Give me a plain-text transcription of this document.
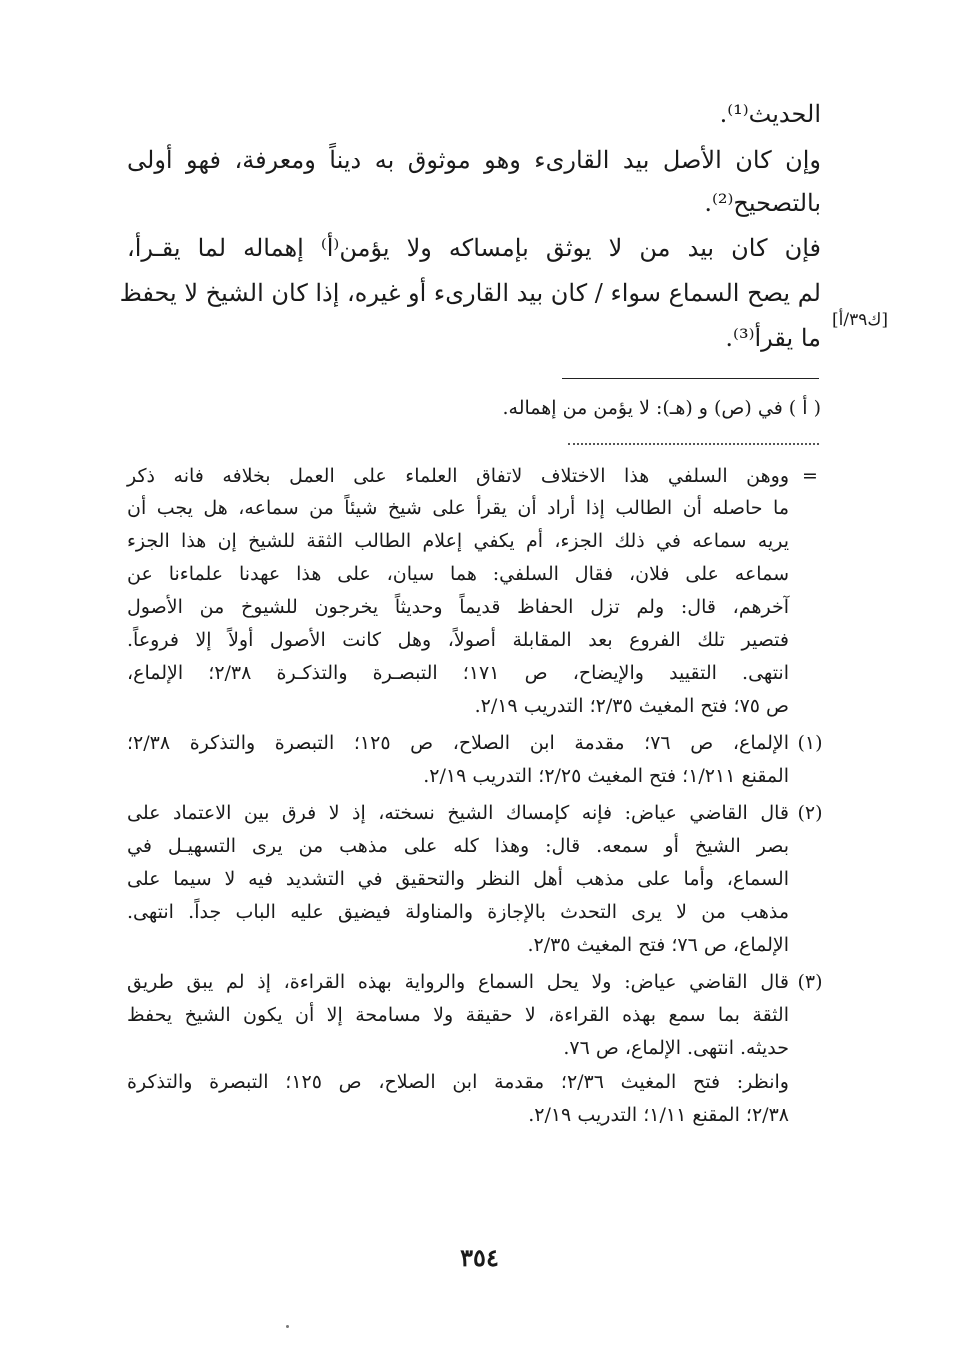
الحديث⁽¹⁾.
وإن كان الأصل بيد القارىء وهو موثوق به ديناً ومعرفة، فهو أولى
بالتصحيح⁽²⁾.
فإن كان بيد من لا يوثق بإمساكه ولا يؤمن⁽أ⁾ إهماله لما يقـرأ،
لم يصح السماع سواء / كان بيد القارىء أو غيره، إذا كان الشيخ لا يحفظ
ما يقرأ⁽³⁾.
[ك٣٩/أ]
( أ ) في (ص) و (هـ): لا يؤمن من إهماله.
=
ووهن السلفي هذا الاختلاف لاتفاق العلماء على العمل بخلافه فانه ذكر
ما حاصله أن الطالب إذا أراد أن يقرأ على شيخ شيئاً من سماعه، هل يجب أن
يريه سماعه في ذلك الجزء، أم يكفي إعلام الطالب الثقة للشيخ إن هذا الجزء
سماعه على فلان، فقال السلفي: هما سيان، على هذا عهدنا علماءنا عن
آخرهم، قال: ولم تزل الحفاظ قديماً وحديثاً يخرجون للشيوخ من الأصول
فتصير تلك الفروع بعد المقابلة أصولاً، وهل كانت الأصول أولاً إلا فروعاً.
انتهى. التقييد والإيضاح، ص ١٧١؛ التبصـرة والتذكـرة ٢/٣٨؛ الإلماع،
ص ٧٥؛ فتح المغيث ٢/٣٥؛ التدريب ٢/١٩.
(١)
الإلماع، ص ٧٦؛ مقدمة ابن الصلاح، ص ١٢٥؛ التبصرة والتذكرة ٢/٣٨؛
المقنع ١/٢١١؛ فتح المغيث ٢/٢٥؛ التدريب ٢/١٩.
(٢)
قال القاضي عياض: فإنه كإمساك الشيخ نسخته، إذ لا فرق بين الاعتماد على
بصر الشيخ أو سمعه. قال: وهذا كله على مذهب من يرى التسهيـل في
السماع، وأما على مذهب أهل النظر والتحقيق في التشديد فيه لا سيما على
مذهب من لا يرى التحدث بالإجازة والمناولة فيضيق عليه الباب جداً. انتهى.
الإلماع، ص ٧٦؛ فتح المغيث ٢/٣٥.
(٣)
قال القاضي عياض: ولا يحل السماع والرواية بهذه القراءة، إذ لم يبق طريق
الثقة بما سمع بهذه القراءة، لا حقيقة ولا مسامحة إلا أن يكون الشيخ يحفظ
حديثه. انتهى. الإلماع، ص ٧٦.
وانظر: فتح المغيث ٢/٣٦؛ مقدمة ابن الصلاح، ص ١٢٥؛ التبصرة والتذكرة
٢/٣٨؛ المقنع ١/١١؛ التدريب ٢/١٩.
٣٥٤
